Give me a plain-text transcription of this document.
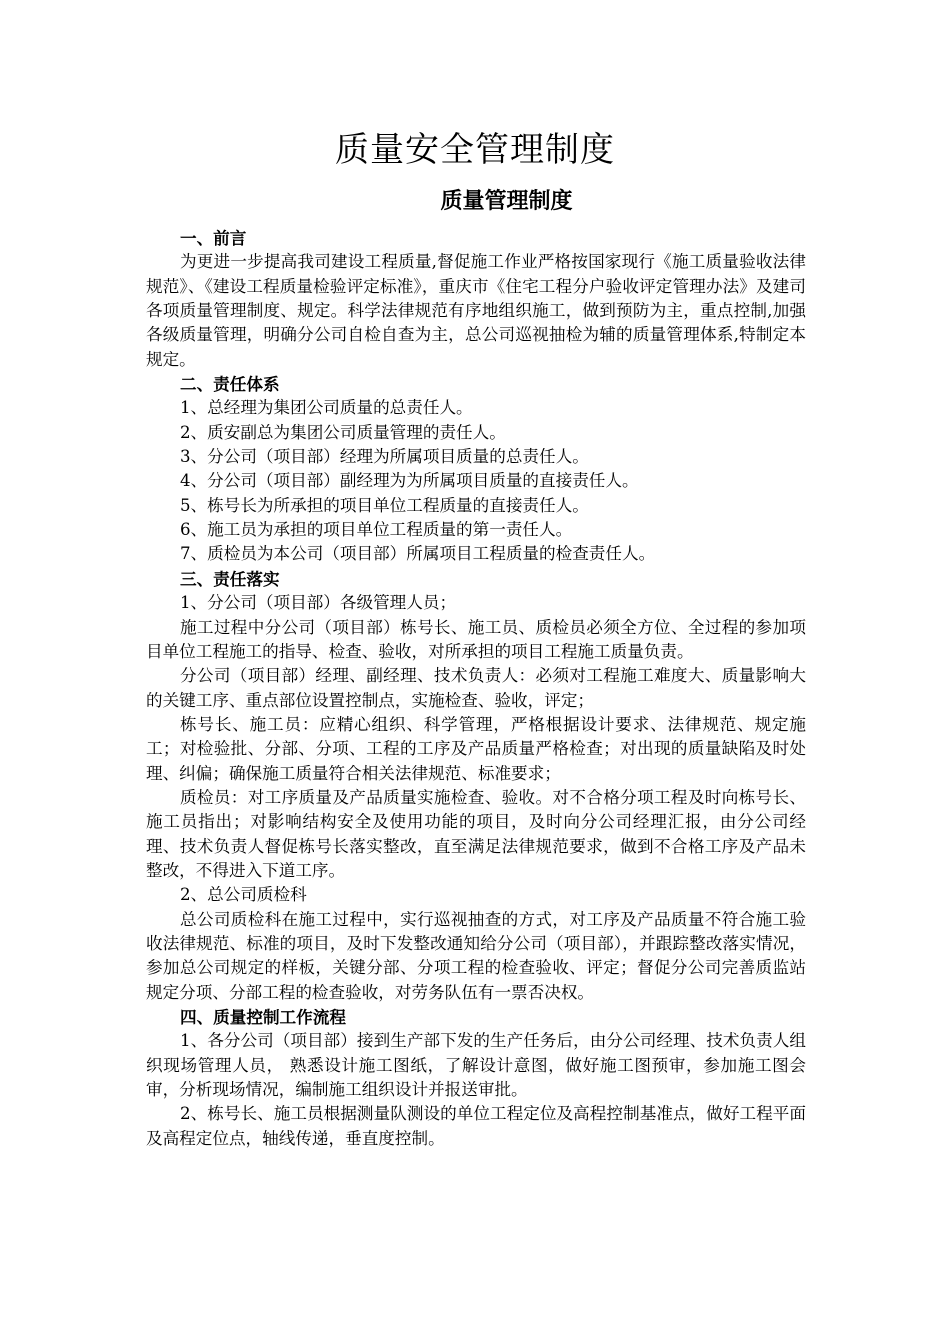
质量安全管理制度
质量管理制度

一、前言

为更进一步提高我司建设工程质量,督促施工作业严格按国家现行《施工质量验收法律规范》、《建设工程质量检验评定标准》，重庆市《住宅工程分户验收评定管理办法》及建司各项质量管理制度、规定。科学法律规范有序地组织施工，做到预防为主，重点控制,加强各级质量管理，明确分公司自检自查为主，总公司巡视抽检为辅的质量管理体系,特制定本规定。

二、责任体系

1、总经理为集团公司质量的总责任人。

2、质安副总为集团公司质量管理的责任人。

3、分公司（项目部）经理为所属项目质量的总责任人。

4、分公司（项目部）副经理为为所属项目质量的直接责任人。

5、栋号长为所承担的项目单位工程质量的直接责任人。

6、施工员为承担的项目单位工程质量的第一责任人。

7、质检员为本公司（项目部）所属项目工程质量的检查责任人。

三、责任落实

1、分公司（项目部）各级管理人员；

施工过程中分公司（项目部）栋号长、施工员、质检员必须全方位、全过程的参加项目单位工程施工的指导、检查、验收，对所承担的项目工程施工质量负责。

分公司（项目部）经理、副经理、技术负责人：必须对工程施工难度大、质量影响大的关键工序、重点部位设置控制点，实施检查、验收，评定；

栋号长、施工员：应精心组织、科学管理，严格根据设计要求、法律规范、规定施工；对检验批、分部、分项、工程的工序及产品质量严格检查；对出现的质量缺陷及时处理、纠偏；确保施工质量符合相关法律规范、标准要求；

质检员：对工序质量及产品质量实施检查、验收。对不合格分项工程及时向栋号长、施工员指出；对影响结构安全及使用功能的项目，及时向分公司经理汇报，由分公司经理、技术负责人督促栋号长落实整改，直至满足法律规范要求，做到不合格工序及产品未整改，不得进入下道工序。

2、总公司质检科

总公司质检科在施工过程中，实行巡视抽查的方式，对工序及产品质量不符合施工验收法律规范、标准的项目，及时下发整改通知给分公司（项目部），并跟踪整改落实情况，参加总公司规定的样板，关键分部、分项工程的检查验收、评定；督促分公司完善质监站规定分项、分部工程的检查验收，对劳务队伍有一票否决权。

四、质量控制工作流程

1、各分公司（项目部）接到生产部下发的生产任务后，由分公司经理、技术负责人组织现场管理人员， 熟悉设计施工图纸，了解设计意图，做好施工图预审，参加施工图会审，分析现场情况，编制施工组织设计并报送审批。

2、栋号长、施工员根据测量队测设的单位工程定位及高程控制基准点，做好工程平面及高程定位点，轴线传递，垂直度控制。
